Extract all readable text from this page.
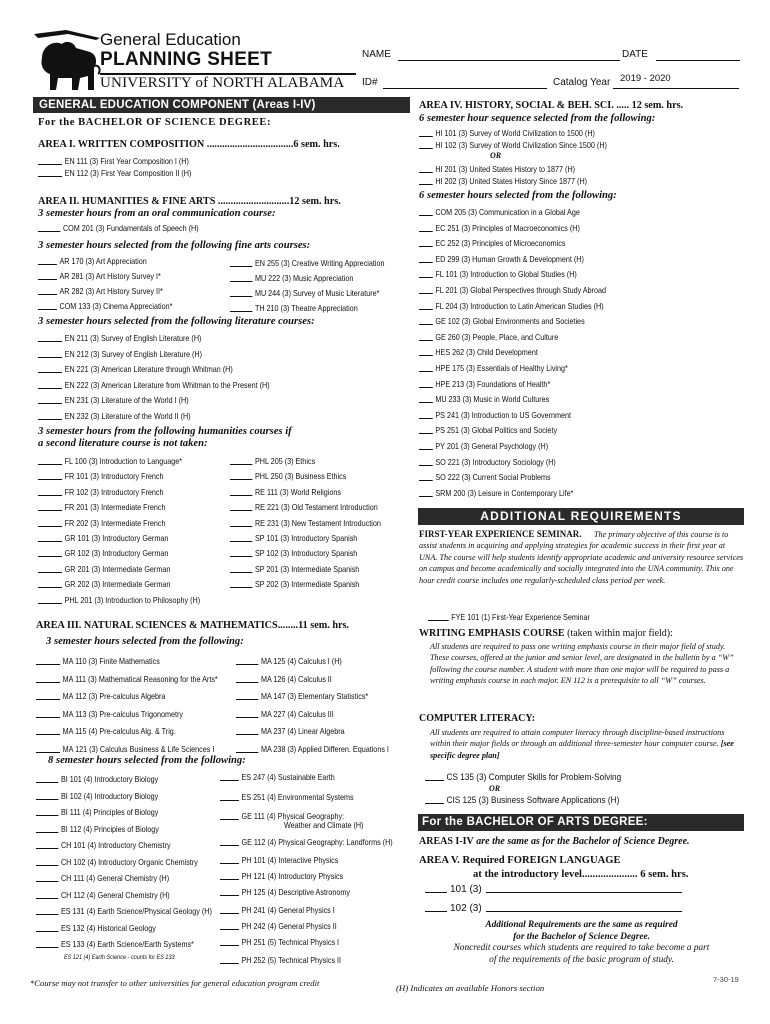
General Education
PLANNING SHEET
UNIVERSITY of NORTH ALABAMA
NAME	DATE
ID#	Catalog Year 2019 - 2020
GENERAL EDUCATION COMPONENT (Areas I-IV)
For the BACHELOR OF SCIENCE DEGREE:
AREA I. WRITTEN COMPOSITION ..................................6 sem. hrs.
EN 111 (3) First Year Composition I (H)
EN 112 (3) First Year Composition II (H)
AREA II. HUMANITIES & FINE ARTS ............................12 sem. hrs.
3 semester hours from an oral communication course:
COM 201 (3) Fundamentals of Speech (H)
3 semester hours selected from the following fine arts courses:
AR 170 (3) Art Appreciation
AR 281 (3) Art History Survey I*
AR 282 (3) Art History Survey II*
COM 133 (3) Cinema Appreciation*
EN 255 (3) Creative Writing Appreciation
MU 222 (3) Music Appreciation
MU 244 (3) Survey of Music Literature*
TH 210 (3) Theatre Appreciation
3 semester hours selected from the following literature courses:
EN 211 (3) Survey of English Literature (H)
EN 212 (3) Survey of English Literature (H)
EN 221 (3) American Literature through Whitman (H)
EN 222 (3) American Literature from Whitman to the Present (H)
EN 231 (3) Literature of the World I (H)
EN 232 (3) Literature of the World II (H)
3 semester hours from the following humanities courses if
a second literature course is not taken:
FL 100 (3) Introduction to Language*
FR 101 (3) Introductory French
FR 102 (3) Introductory French
FR 201 (3) Intermediate French
FR 202 (3) Intermediate French
GR 101 (3) Introductory German
GR 102 (3) Introductory German
GR 201 (3) Intermediate German
GR 202 (3) Intermediate German
PHL 201 (3) Introduction to Philosophy (H)
PHL 205 (3) Ethics
PHL 250 (3) Business Ethics
RE 111 (3) World Religions
RE 221 (3) Old Testament Introduction
RE 231 (3) New Testament Introduction
SP 101 (3) Introductory Spanish
SP 102 (3) Introductory Spanish
SP 201 (3) Intermediate Spanish
SP 202 (3) Intermediate Spanish
AREA III. NATURAL SCIENCES & MATHEMATICS........11 sem. hrs.
3 semester hours selected from the following:
MA 110 (3) Finite Mathematics
MA 111 (3) Mathematical Reasoning for the Arts*
MA 112 (3) Pre-calculus Algebra
MA 113 (3) Pre-calculus Trigonometry
MA 115 (4) Pre-calculus Alg. & Trig.
MA 121 (3) Calculus Business & Life Sciences I
MA 125 (4) Calculus I (H)
MA 126 (4) Calculus II
MA 147 (3) Elementary Statistics*
MA 227 (4) Calculus III
MA 237 (4) Linear Algebra
MA 238 (3) Applied Differen. Equations I
8 semester hours selected from the following:
BI 101 (4) Introductory Biology
BI 102 (4) Introductory Biology
BI 111 (4) Principles of Biology
BI 112 (4) Principles of Biology
CH 101 (4) Introductory Chemistry
CH 102 (4) Introductory Organic Chemistry
CH 111 (4) General Chemistry (H)
CH 112 (4) General Chemistry (H)
ES 131 (4) Earth Science/Physical Geology (H)
ES 132 (4) Historical Geology
ES 133 (4) Earth Science/Earth Systems*
ES 247 (4) Sustainable Earth
ES 251 (4) Environmental Systems
GE 111 (4) Physical Geography:
GE 112 (4) Physical Geography: Landforms (H)
PH 101 (4) Interactive Physics
PH 121 (4) Introductory Physics
PH 125 (4) Descriptive Astronomy
PH 241 (4) General Physics I
PH 242 (4) General Physics II
PH 251 (5) Technical Physics I
PH 252 (5) Technical Physics II
ES 121 (4) Earth Science - counts for ES 133
Weather and Climate (H)
*Course may not transfer to other universities for general education program credit
AREA IV. HISTORY, SOCIAL & BEH. SCI. ..... 12 sem. hrs.
6 semester hour sequence selected from the following:
HI 101 (3) Survey of World Civilization to 1500 (H)
HI 102 (3) Survey of World Civilization Since 1500 (H)
OR
HI 201 (3) United States History to 1877 (H)
HI 202 (3) United States History Since 1877 (H)
6 semester hours selected from the following:
COM 205 (3) Communication in a Global Age
EC 251 (3) Principles of Macroeconomics (H)
EC 252 (3) Principles of Microeconomics
ED 299 (3) Human Growth & Development (H)
FL 101 (3) Introduction to Global Studies (H)
FL 201 (3) Global Perspectives through Study Abroad
FL 204 (3) Introduction to Latin American Studies (H)
GE 102 (3) Global Environments and Societies
GE 260 (3) People, Place, and Culture
HES 262 (3) Child Development
HPE 175 (3) Essentials of Healthy Living*
HPE 213 (3) Foundations of Health*
MU 233 (3) Music in World Cultures
PS 241 (3) Introduction to US Government
PS 251 (3) Global Politics and Society
PY 201 (3) General Psychology (H)
SO 221 (3) Introductory Sociology (H)
SO 222 (3) Current Social Problems
SRM 200 (3) Leisure in Contemporary Life*
ADDITIONAL REQUIREMENTS
FIRST-YEAR EXPERIENCE SEMINAR.	The primary objective of this course is to assist students in acquiring and applying strategies for academic success in their first year at UNA. The course will help students identify appropriate academic and university resource services on campus and become academically and socially integrated into the UNA community. This one hour credit course includes one regularly-scheduled class period per week.
FYE 101 (1) First-Year Experience Seminar
WRITING EMPHASIS COURSE (taken within major field):
All students are required to pass one writing emphasis course in their major field of study. These courses, offered at the junior and senior level, are designated in the bulletin by a “W” following the course number. A student with more than one major will be required to pass a writing emphasis course in each major. EN 112 is a prerequisite to all “W” courses.
COMPUTER LITERACY:
All students are required to attain computer literacy through discipline-based instructions within their major fields or through an additional three-semester hour computer course. [see specific degree plan]
CS 135 (3) Computer Skills for Problem-Solving
OR
CIS 125 (3) Business Software Applications (H)
For the BACHELOR OF ARTS DEGREE:
AREAS I-IV are the same as for the Bachelor of Science Degree.
AREA V. Required FOREIGN LANGUAGE
at the introductory level..................... 6 sem. hrs.
101 (3)
102 (3)
Additional Requirements are the same as required
for the Bachelor of Science Degree.
Noncredit courses which students are required to take become a part
of the requirements of the basic program of study.
(H) Indicates an available Honors section
7-30-19
